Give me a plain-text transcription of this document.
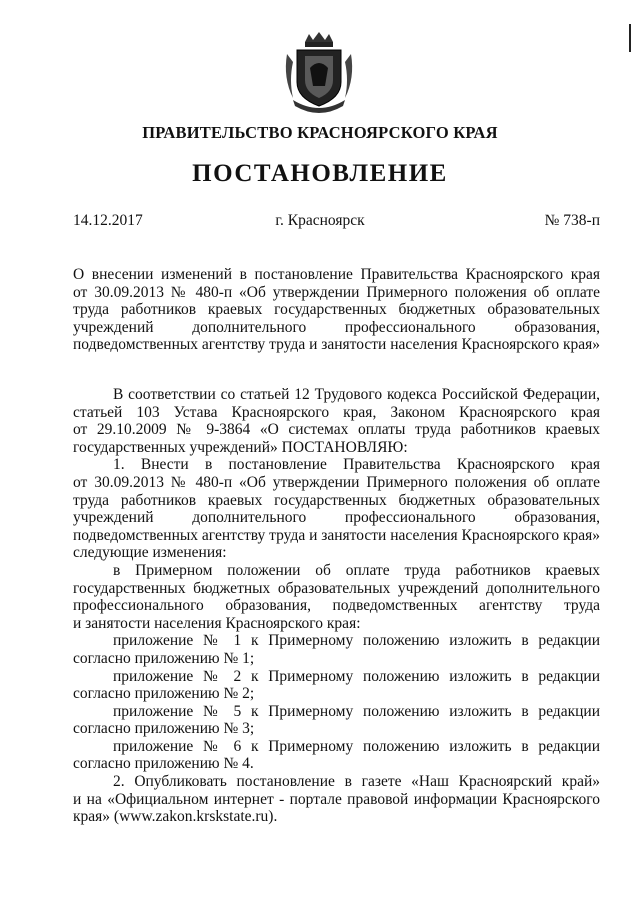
ПРАВИТЕЛЬСТВО КРАСНОЯРСКОГО КРАЯ
ПОСТАНОВЛЕНИЕ
14.12.2017	г. Красноярск	№ 738-п
О внесении изменений в постановление Правительства Красноярского края
от 30.09.2013 № 480-п «Об утверждении Примерного положения об оплате
труда работников краевых государственных бюджетных образовательных
учреждений дополнительного профессионального образования,
подведомственных агентству труда и занятости населения Красноярского края»
В соответствии со статьей 12 Трудового кодекса Российской Федерации,
статьей 103 Устава Красноярского края, Законом Красноярского края
от 29.10.2009 № 9-3864 «О системах оплаты труда работников краевых
государственных учреждений» ПОСТАНОВЛЯЮ:
1. Внести в постановление Правительства Красноярского края
от 30.09.2013 № 480-п «Об утверждении Примерного положения об оплате
труда работников краевых государственных бюджетных образовательных
учреждений дополнительного профессионального образования,
подведомственных агентству труда и занятости населения Красноярского края»
следующие изменения:
в Примерном положении об оплате труда работников краевых
государственных бюджетных образовательных учреждений дополнительного
профессионального образования, подведомственных агентству труда
и занятости населения Красноярского края:
приложение № 1 к Примерному положению изложить в редакции
согласно приложению № 1;
приложение № 2 к Примерному положению изложить в редакции
согласно приложению № 2;
приложение № 5 к Примерному положению изложить в редакции
согласно приложению № 3;
приложение № 6 к Примерному положению изложить в редакции
согласно приложению № 4.
2. Опубликовать постановление в газете «Наш Красноярский край»
и на «Официальном интернет - портале правовой информации Красноярского
края» (www.zakon.krskstate.ru).
